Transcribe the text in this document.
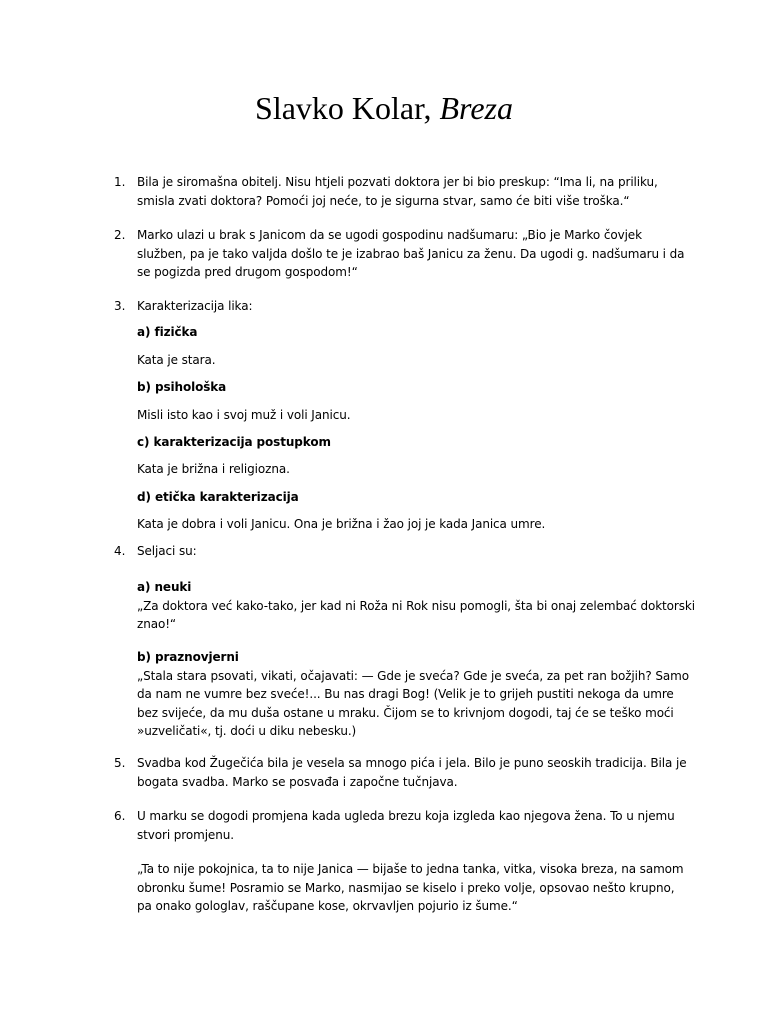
Slavko Kolar, Breza
1. Bila je siromašna obitelj. Nisu htjeli pozvati doktora jer bi bio preskup: “Ima li, na priliku,
smisla zvati doktora? Pomoći joj neće, to je sigurna stvar, samo će biti više troška.“
2. Marko ulazi u brak s Janicom da se ugodi gospodinu nadšumaru: „Bio je Marko čovjek
služben, pa je tako valjda došlo te je izabrao baš Janicu za ženu. Da ugodi g. nadšumaru i da
se pogizda pred drugom gospodom!“
3. Karakterizacija lika:
a) fizička
Kata je stara.
b) psihološka
Misli isto kao i svoj muž i voli Janicu.
c) karakterizacija postupkom
Kata je brižna i religiozna.
d) etička karakterizacija
Kata je dobra i voli Janicu. Ona je brižna i žao joj je kada Janica umre.
4. Seljaci su:
a) neuki
„Za doktora već kako-tako, jer kad ni Roža ni Rok nisu pomogli, šta bi onaj zelembać doktorski
znao!“
b) praznovjerni
„Stala stara psovati, vikati, očajavati: — Gde je sveća? Gde je sveća, za pet ran božjih? Samo
da nam ne vumre bez sveće!... Bu nas dragi Bog! (Velik je to grijeh pustiti nekoga da umre
bez svijeće, da mu duša ostane u mraku. Čijom se to krivnjom dogodi, taj će se teško moći
»uzveličati«, tj. doći u diku nebesku.)
5. Svadba kod Žugečića bila je vesela sa mnogo pića i jela. Bilo je puno seoskih tradicija. Bila je
bogata svadba. Marko se posvađa i započne tučnjava.
6. U marku se dogodi promjena kada ugleda brezu koja izgleda kao njegova žena. To u njemu
stvori promjenu.
„Ta to nije pokojnica, ta to nije Janica — bijaše to jedna tanka, vitka, visoka breza, na samom
obronku šume! Posramio se Marko, nasmijao se kiselo i preko volje, opsovao nešto krupno,
pa onako gologlav, raščupane kose, okrvavljen pojurio iz šume.“
